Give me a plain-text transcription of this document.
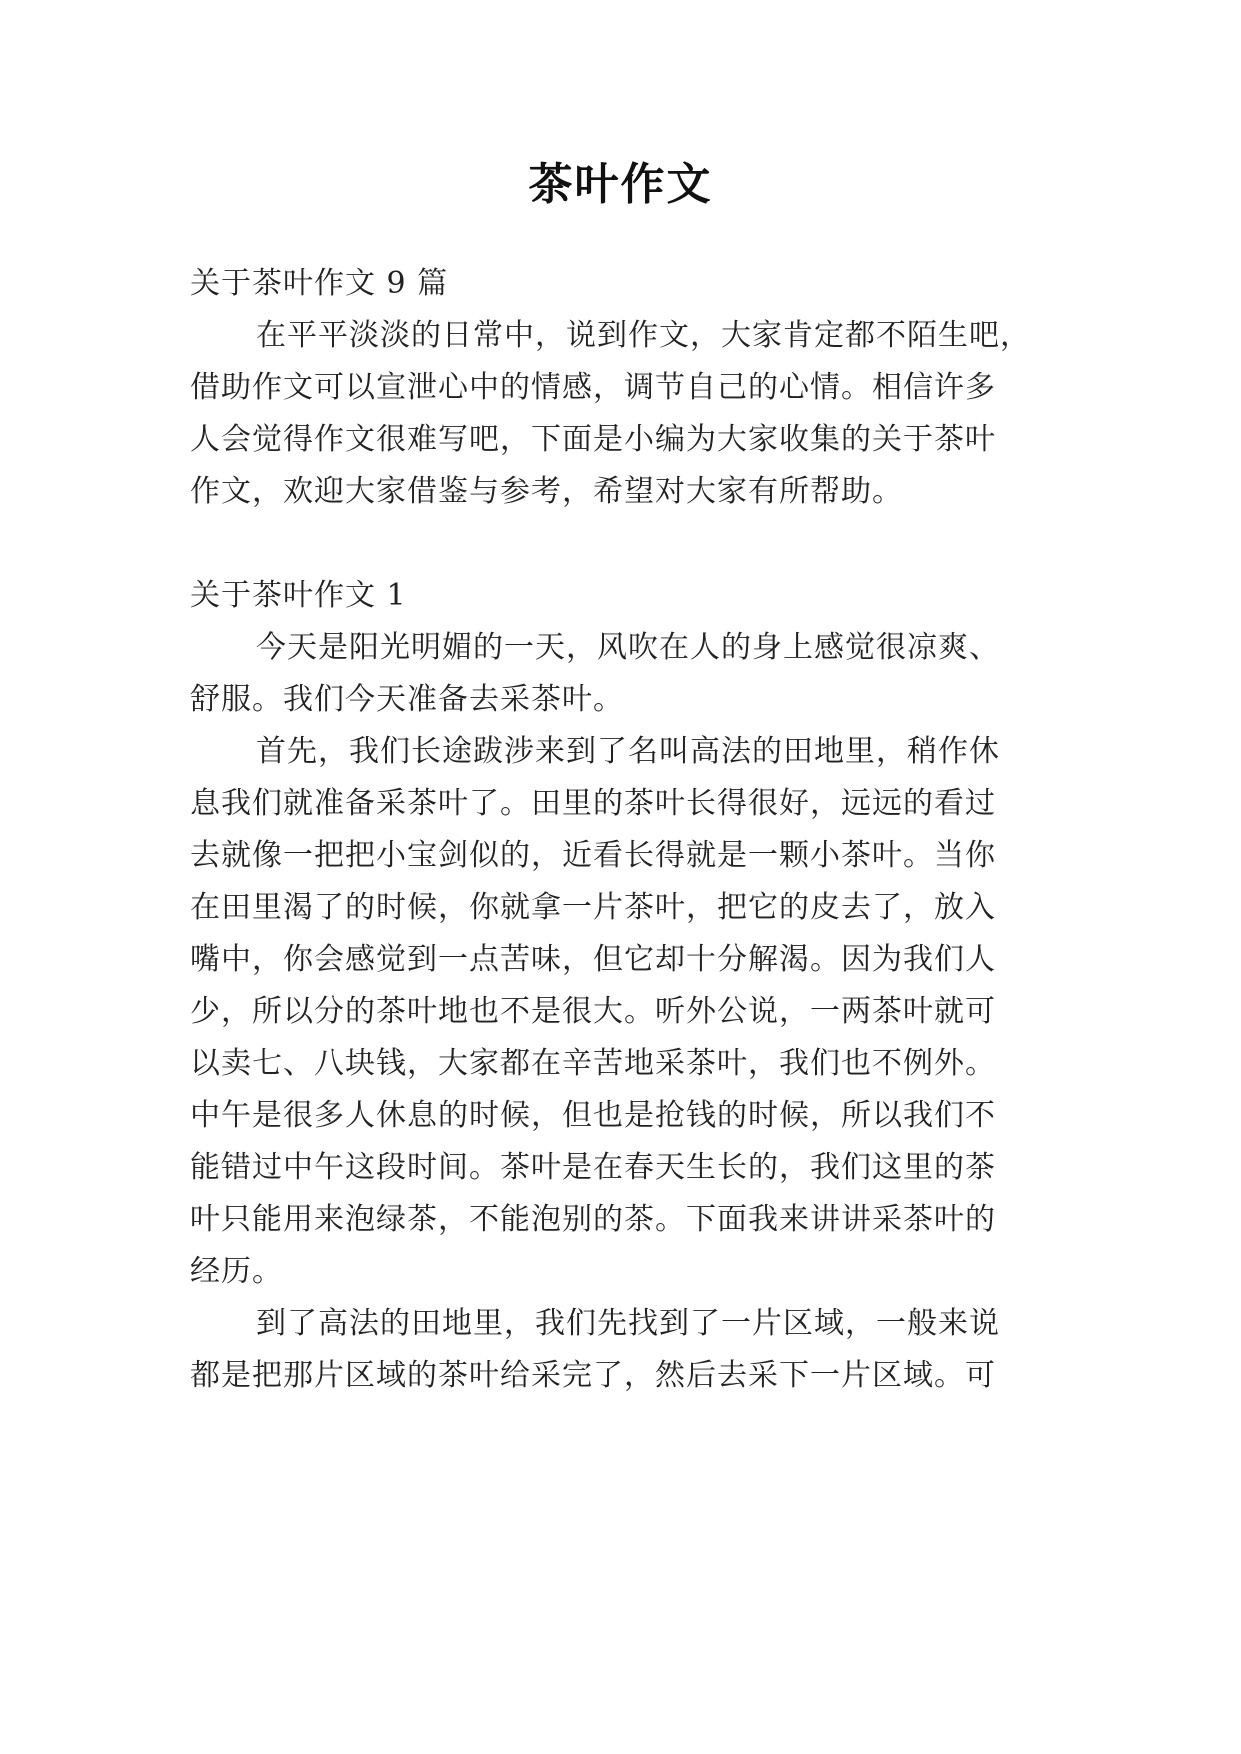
茶叶作文
关于茶叶作文 9 篇
在平平淡淡的日常中，说到作文，大家肯定都不陌生吧，
借助作文可以宣泄心中的情感，调节自己的心情。相信许多
人会觉得作文很难写吧，下面是小编为大家收集的关于茶叶
作文，欢迎大家借鉴与参考，希望对大家有所帮助。
关于茶叶作文 1
今天是阳光明媚的一天，风吹在人的身上感觉很凉爽、
舒服。我们今天准备去采茶叶。
首先，我们长途跋涉来到了名叫高法的田地里，稍作休
息我们就准备采茶叶了。田里的茶叶长得很好，远远的看过
去就像一把把小宝剑似的，近看长得就是一颗小茶叶。当你
在田里渴了的时候，你就拿一片茶叶，把它的皮去了，放入
嘴中，你会感觉到一点苦味，但它却十分解渴。因为我们人
少，所以分的茶叶地也不是很大。听外公说，一两茶叶就可
以卖七、八块钱，大家都在辛苦地采茶叶，我们也不例外。
中午是很多人休息的时候，但也是抢钱的时候，所以我们不
能错过中午这段时间。茶叶是在春天生长的，我们这里的茶
叶只能用来泡绿茶，不能泡别的茶。下面我来讲讲采茶叶的
经历。
到了高法的田地里，我们先找到了一片区域，一般来说
都是把那片区域的茶叶给采完了，然后去采下一片区域。可
